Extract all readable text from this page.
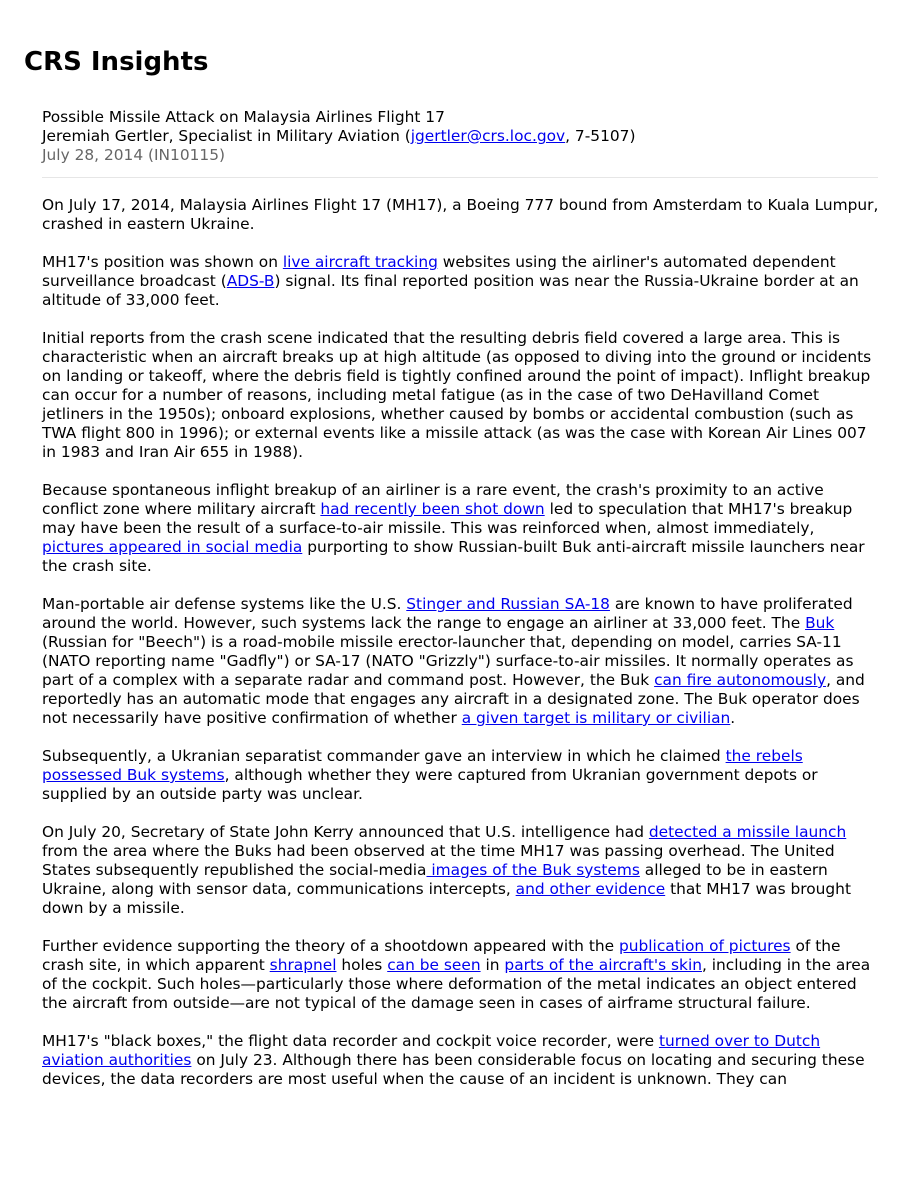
CRS Insights
Possible Missile Attack on Malaysia Airlines Flight 17
Jeremiah Gertler, Specialist in Military Aviation (jgertler@crs.loc.gov, 7-5107)
July 28, 2014 (IN10115)

On July 17, 2014, Malaysia Airlines Flight 17 (MH17), a Boeing 777 bound from Amsterdam to Kuala Lumpur, crashed in eastern Ukraine.

MH17's position was shown on live aircraft tracking websites using the airliner's automated dependent surveillance broadcast (ADS-B) signal. Its final reported position was near the Russia-Ukraine border at an altitude of 33,000 feet.

Initial reports from the crash scene indicated that the resulting debris field covered a large area. This is characteristic when an aircraft breaks up at high altitude (as opposed to diving into the ground or incidents on landing or takeoff, where the debris field is tightly confined around the point of impact). Inflight breakup can occur for a number of reasons, including metal fatigue (as in the case of two DeHavilland Comet jetliners in the 1950s); onboard explosions, whether caused by bombs or accidental combustion (such as TWA flight 800 in 1996); or external events like a missile attack (as was the case with Korean Air Lines 007 in 1983 and Iran Air 655 in 1988).

Because spontaneous inflight breakup of an airliner is a rare event, the crash's proximity to an active conflict zone where military aircraft had recently been shot down led to speculation that MH17's breakup may have been the result of a surface-to-air missile. This was reinforced when, almost immediately, pictures appeared in social media purporting to show Russian-built Buk anti-aircraft missile launchers near the crash site.

Man-portable air defense systems like the U.S. Stinger and Russian SA-18 are known to have proliferated around the world. However, such systems lack the range to engage an airliner at 33,000 feet. The Buk (Russian for "Beech") is a road-mobile missile erector-launcher that, depending on model, carries SA-11 (NATO reporting name "Gadfly") or SA-17 (NATO "Grizzly") surface-to-air missiles. It normally operates as part of a complex with a separate radar and command post. However, the Buk can fire autonomously, and reportedly has an automatic mode that engages any aircraft in a designated zone. The Buk operator does not necessarily have positive confirmation of whether a given target is military or civilian.

Subsequently, a Ukranian separatist commander gave an interview in which he claimed the rebels possessed Buk systems, although whether they were captured from Ukranian government depots or supplied by an outside party was unclear.

On July 20, Secretary of State John Kerry announced that U.S. intelligence had detected a missile launch from the area where the Buks had been observed at the time MH17 was passing overhead. The United States subsequently republished the social-media images of the Buk systems alleged to be in eastern Ukraine, along with sensor data, communications intercepts, and other evidence that MH17 was brought down by a missile.

Further evidence supporting the theory of a shootdown appeared with the publication of pictures of the crash site, in which apparent shrapnel holes can be seen in parts of the aircraft's skin, including in the area of the cockpit. Such holes—particularly those where deformation of the metal indicates an object entered the aircraft from outside—are not typical of the damage seen in cases of airframe structural failure.

MH17's "black boxes," the flight data recorder and cockpit voice recorder, were turned over to Dutch aviation authorities on July 23. Although there has been considerable focus on locating and securing these devices, the data recorders are most useful when the cause of an incident is unknown. They can
